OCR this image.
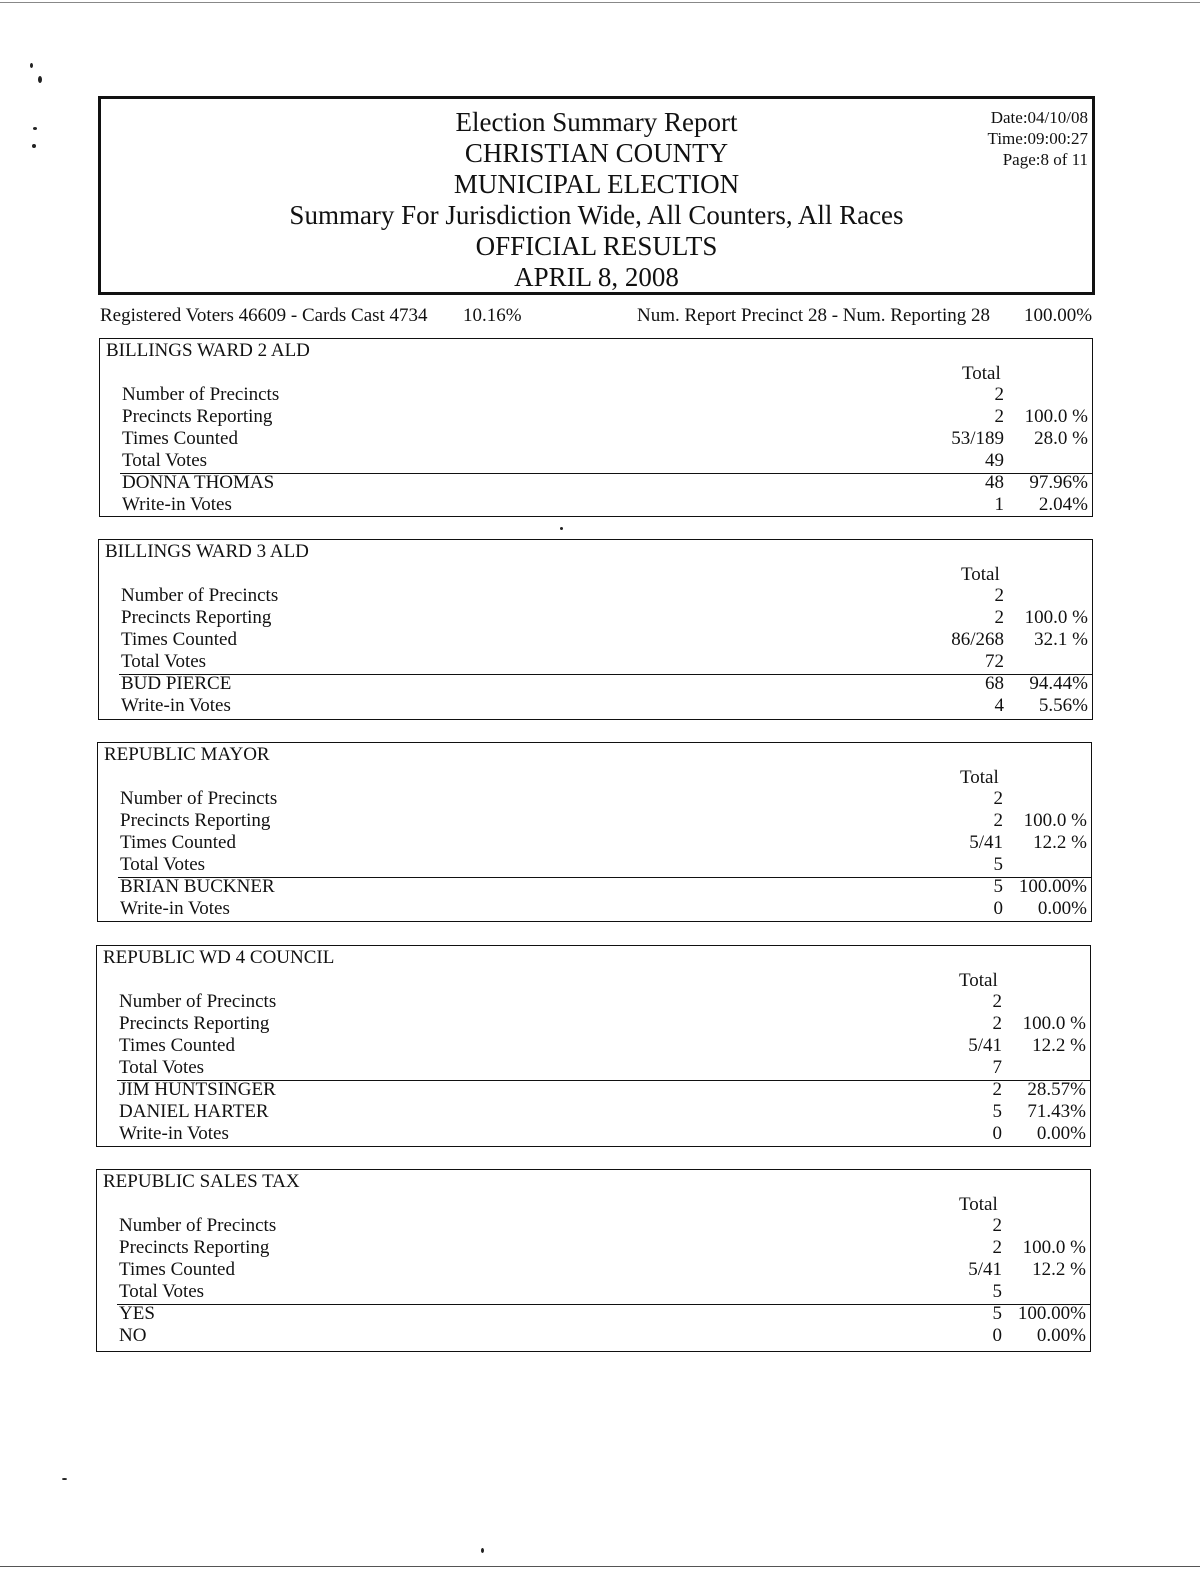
Election Summary Report
CHRISTIAN COUNTY
MUNICIPAL ELECTION
Summary For Jurisdiction Wide, All Counters, All Races
OFFICIAL RESULTS
APRIL 8, 2008
Date:04/10/08
Time:09:00:27
Page:8 of 11
Registered Voters 46609 - Cards Cast 4734 10.16%	Num. Report Precinct 28 - Num. Reporting 28 100.00%
BILLINGS WARD 2 ALD
Total
Number of Precincts	2
Precincts Reporting	2 100.0 %
Times Counted	53/189 28.0 %
Total Votes	49
DONNA THOMAS	48 97.96%
Write-in Votes	1 2.04%
BILLINGS WARD 3 ALD
Total
Number of Precincts	2
Precincts Reporting	2 100.0 %
Times Counted	86/268 32.1 %
Total Votes	72
BUD PIERCE	68 94.44%
Write-in Votes	4 5.56%
REPUBLIC MAYOR
Total
Number of Precincts	2
Precincts Reporting	2 100.0 %
Times Counted	5/41 12.2 %
Total Votes	5
BRIAN BUCKNER	5 100.00%
Write-in Votes	0 0.00%
REPUBLIC WD 4 COUNCIL
Total
Number of Precincts	2
Precincts Reporting	2 100.0 %
Times Counted	5/41 12.2 %
Total Votes	7
JIM HUNTSINGER	2 28.57%
DANIEL HARTER	5 71.43%
Write-in Votes	0 0.00%
REPUBLIC SALES TAX
Total
Number of Precincts	2
Precincts Reporting	2 100.0 %
Times Counted	5/41 12.2 %
Total Votes	5
YES	5 100.00%
NO	0 0.00%
